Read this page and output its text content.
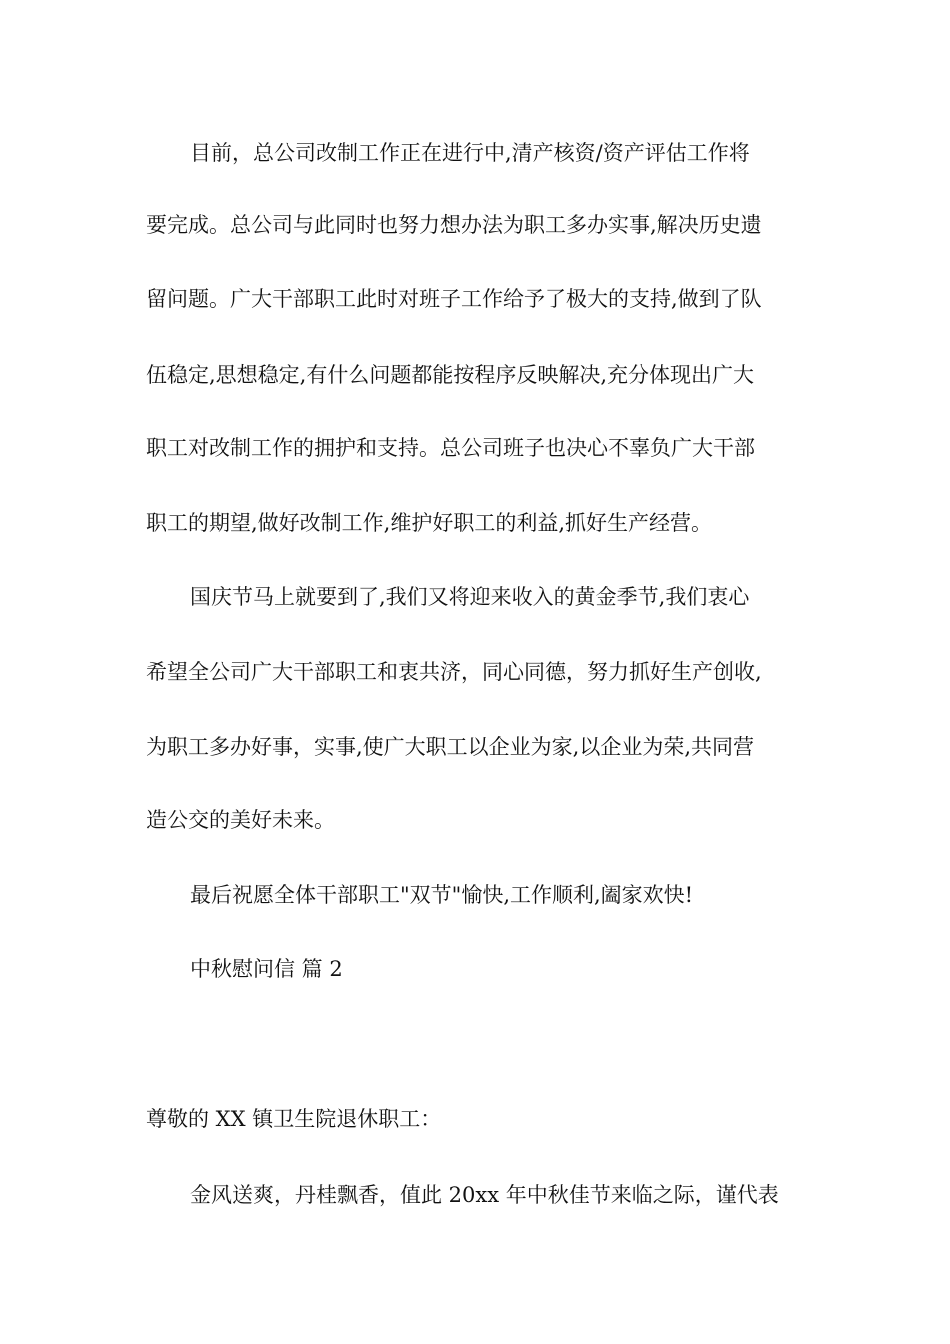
目前，总公司改制工作正在进行中,清产核资/资产评估工作将
要完成。总公司与此同时也努力想办法为职工多办实事,解决历史遗
留问题。广大干部职工此时对班子工作给予了极大的支持,做到了队
伍稳定,思想稳定,有什么问题都能按程序反映解决,充分体现出广大
职工对改制工作的拥护和支持。总公司班子也决心不辜负广大干部
职工的期望,做好改制工作,维护好职工的利益,抓好生产经营。
国庆节马上就要到了,我们又将迎来收入的黄金季节,我们衷心
希望全公司广大干部职工和衷共济，同心同德，努力抓好生产创收,
为职工多办好事，实事,使广大职工以企业为家,以企业为荣,共同营
造公交的美好未来。
最后祝愿全体干部职工"双节"愉快,工作顺利,阖家欢快!
中秋慰问信 篇 2
尊敬的 XX 镇卫生院退休职工：
金风送爽，丹桂飘香，值此 20xx 年中秋佳节来临之际，谨代表
